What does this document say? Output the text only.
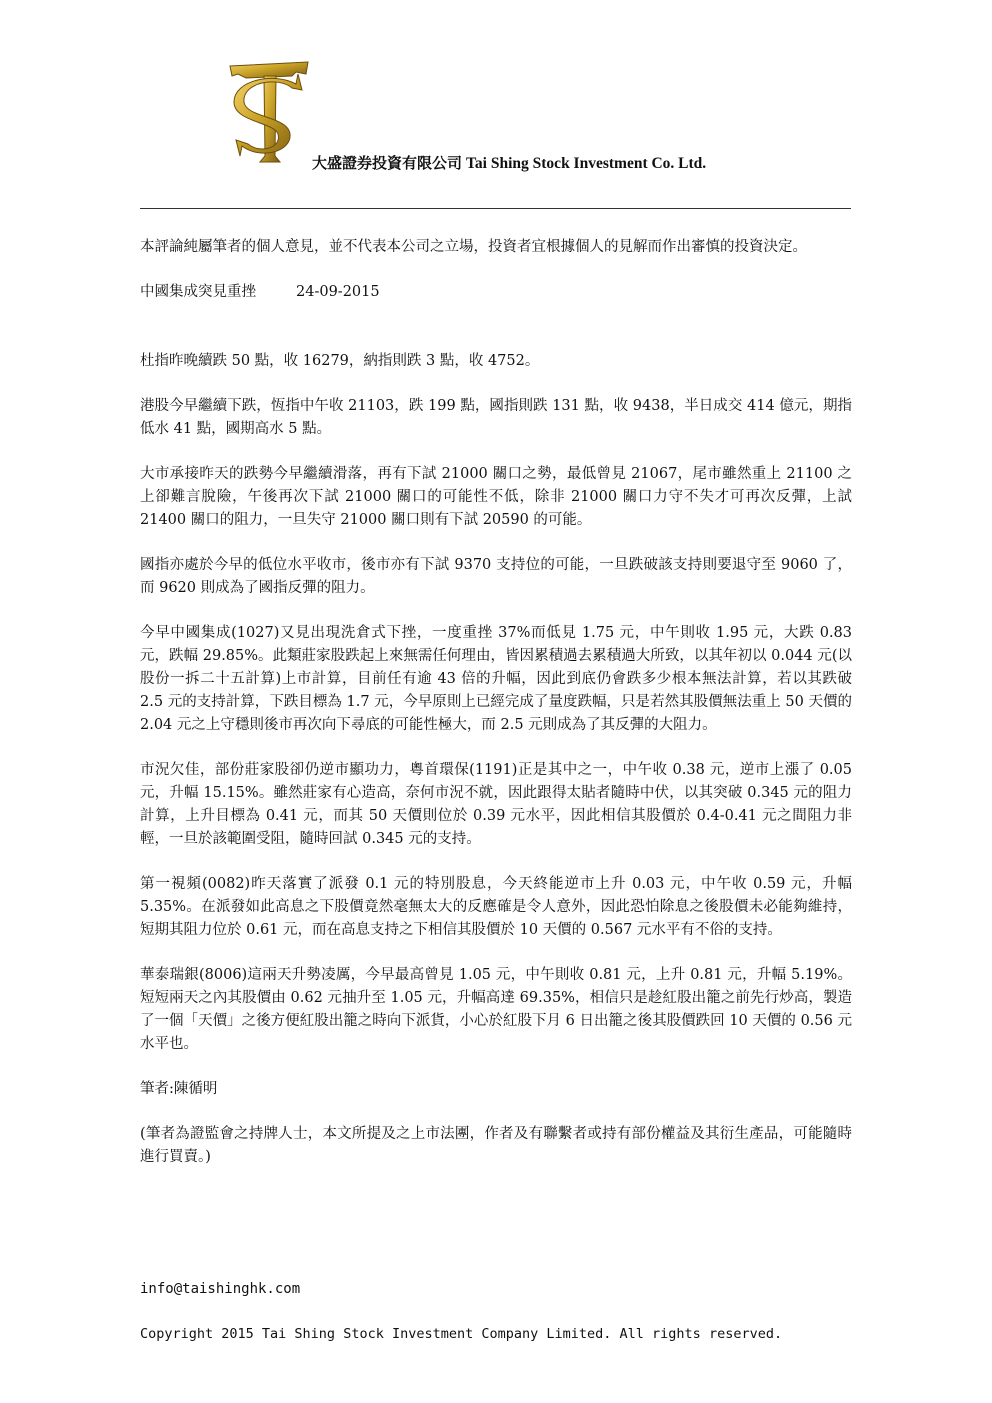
大盛證券投資有限公司 Tai Shing Stock Investment Co. Ltd.

本評論純屬筆者的個人意見，並不代表本公司之立場，投資者宜根據個人的見解而作出審慎的投資決定。

中國集成突見重挫	24-09-2015

杜指昨晚續跌 50 點，收 16279，納指則跌 3 點，收 4752。

港股今早繼續下跌，恆指中午收 21103，跌 199 點，國指則跌 131 點，收 9438，半日成交 414 億元，期指低水 41 點，國期高水 5 點。

大市承接昨天的跌勢今早繼續滑落，再有下試 21000 關口之勢，最低曾見 21067，尾市雖然重上 21100 之上卻難言脫險，午後再次下試 21000 關口的可能性不低，除非 21000 關口力守不失才可再次反彈，上試 21400 關口的阻力，一旦失守 21000 關口則有下試 20590 的可能。

國指亦處於今早的低位水平收市，後市亦有下試 9370 支持位的可能，一旦跌破該支持則要退守至 9060 了，而 9620 則成為了國指反彈的阻力。

今早中國集成(1027)又見出現洗倉式下挫，一度重挫 37%而低見 1.75 元，中午則收 1.95 元，大跌 0.83 元，跌幅 29.85%。此類莊家股跌起上來無需任何理由，皆因累積過去累積過大所致，以其年初以 0.044 元(以股份一拆二十五計算)上市計算，目前任有逾 43 倍的升幅，因此到底仍會跌多少根本無法計算，若以其跌破 2.5 元的支持計算，下跌目標為 1.7 元，今早原則上已經完成了量度跌幅，只是若然其股價無法重上 50 天價的 2.04 元之上守穩則後市再次向下尋底的可能性極大，而 2.5 元則成為了其反彈的大阻力。

市況欠佳，部份莊家股卻仍逆市顯功力，粵首環保(1191)正是其中之一，中午收 0.38 元，逆市上漲了 0.05 元，升幅 15.15%。雖然莊家有心造高，奈何市況不就，因此跟得太貼者隨時中伏，以其突破 0.345 元的阻力計算，上升目標為 0.41 元，而其 50 天價則位於 0.39 元水平，因此相信其股價於 0.4-0.41 元之間阻力非輕，一旦於該範圍受阻，隨時回試 0.345 元的支持。

第一視頻(0082)昨天落實了派發 0.1 元的特別股息，今天終能逆市上升 0.03 元，中午收 0.59 元，升幅 5.35%。在派發如此高息之下股價竟然毫無太大的反應確是令人意外，因此恐怕除息之後股價未必能夠維持，短期其阻力位於 0.61 元，而在高息支持之下相信其股價於 10 天價的 0.567 元水平有不俗的支持。

華泰瑞銀(8006)這兩天升勢凌厲，今早最高曾見 1.05 元，中午則收 0.81 元，上升 0.81 元，升幅 5.19%。短短兩天之內其股價由 0.62 元抽升至 1.05 元，升幅高達 69.35%，相信只是趁紅股出籠之前先行炒高，製造了一個「天價」之後方便紅股出籠之時向下派貨，小心於紅股下月 6 日出籠之後其股價跌回 10 天價的 0.56 元水平也。

筆者:陳循明

(筆者為證監會之持牌人士，本文所提及之上市法團，作者及有聯繫者或持有部份權益及其衍生產品，可能隨時進行買賣。)

info@taishinghk.com
Copyright 2015 Tai Shing Stock Investment Company Limited. All rights reserved.
